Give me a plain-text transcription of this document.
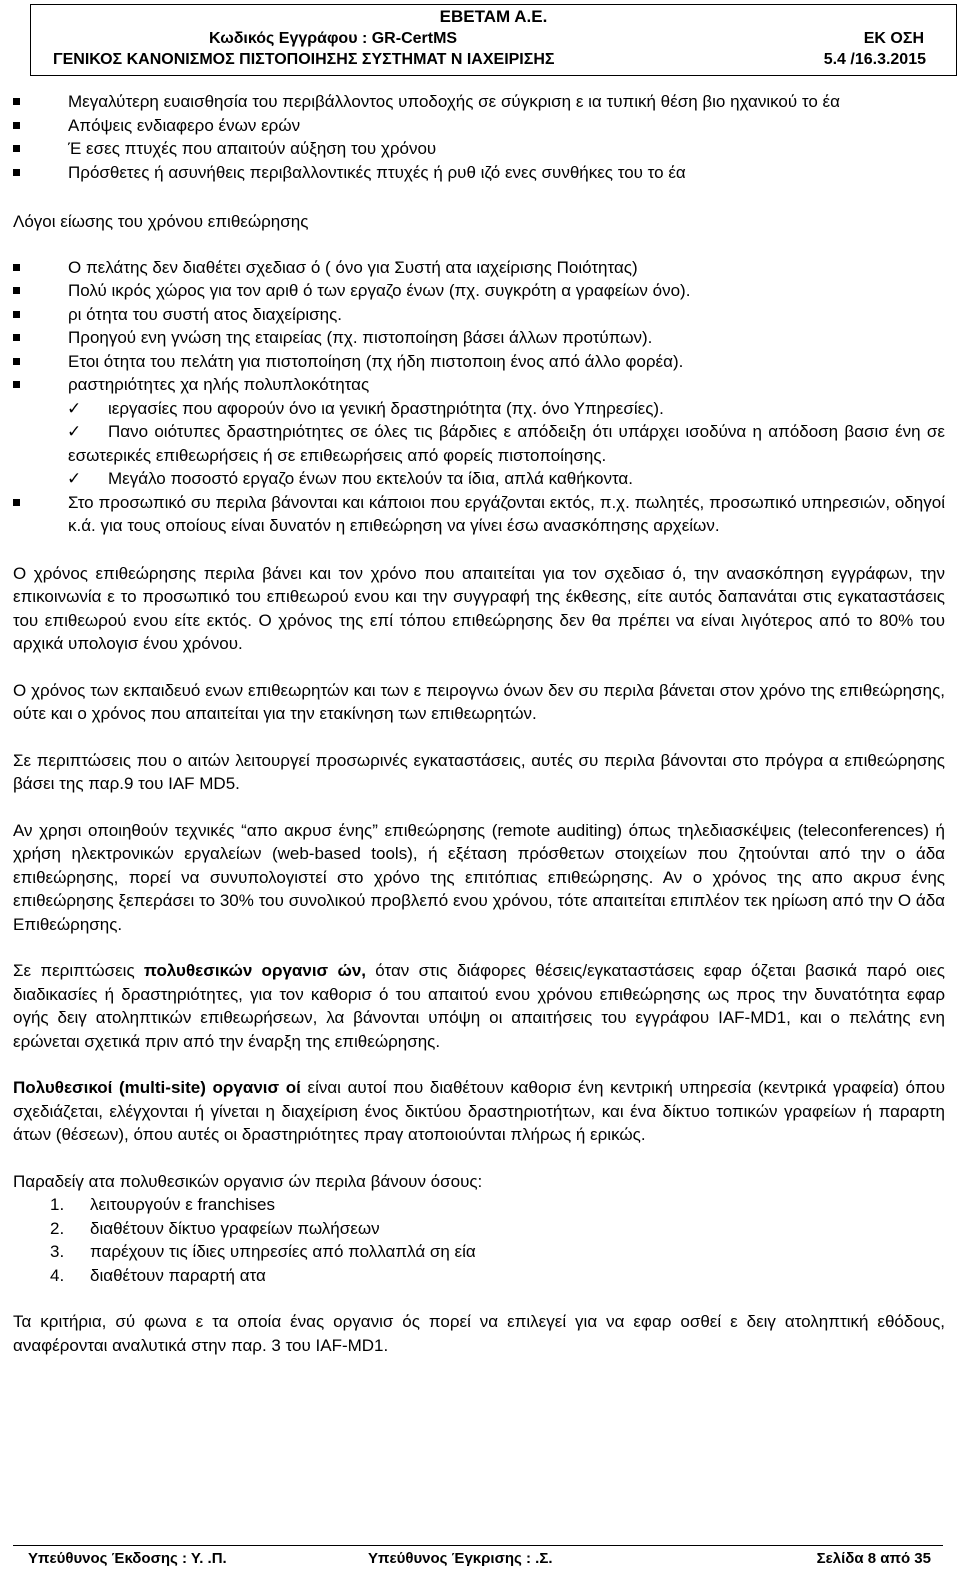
ΕΒΕΤΑΜ Α.Ε.
Κωδικός Εγγράφου : GR-CertMS	ΕΚ ΟΣΗ
ΓΕΝΙΚΟΣ ΚΑΝΟΝΙΣΜΟΣ ΠΙΣΤΟΠΟΙΗΣΗΣ ΣΥΣΤΗΜΑΤ Ν ΙΑΧΕΙΡΙΣΗΣ	5.4 /16.3.2015
Μεγαλύτερη ευαισθησία του περιβάλλοντος υποδοχής σε σύγκριση ε ια τυπική θέση βιο ηχανικού το έα
Απόψεις ενδιαφερο ένων ερών
Έ εσες πτυχές που απαιτούν αύξηση του χρόνου
Πρόσθετες ή ασυνήθεις περιβαλλοντικές πτυχές ή ρυθ ιζό ενες συνθήκες του το έα
Λόγοι είωσης του χρόνου επιθεώρησης
Ο πελάτης δεν διαθέτει σχεδιασ ό ( όνο για Συστή ατα ιαχείρισης Ποιότητας)
Πολύ ικρός χώρος για τον αριθ ό των εργαζο ένων (πχ. συγκρότη α γραφείων όνο).
ρι ότητα του συστή ατος διαχείρισης.
Προηγού ενη γνώση της εταιρείας (πχ. πιστοποίηση βάσει άλλων προτύπων).
Ετοι ότητα του πελάτη για πιστοποίηση (πχ ήδη πιστοποιη ένος από άλλο φορέα).
ραστηριότητες χα ηλής πολυπλοκότητας
✓ ιεργασίες που αφορούν όνο ια γενική δραστηριότητα (πχ. όνο Υπηρεσίες).
✓ Πανο οιότυπες δραστηριότητες σε όλες τις βάρδιες ε απόδειξη ότι υπάρχει ισοδύνα η απόδοση βασισ ένη σε εσωτερικές επιθεωρήσεις ή σε επιθεωρήσεις από φορείς πιστοποίησης.
✓ Μεγάλο ποσοστό εργαζο ένων που εκτελούν τα ίδια, απλά καθήκοντα.
Στο προσωπικό συ περιλα βάνονται και κάποιοι που εργάζονται εκτός, π.χ. πωλητές, προσωπικό υπηρεσιών, οδηγοί κ.ά. για τους οποίους είναι δυνατόν η επιθεώρηση να γίνει έσω ανασκόπησης αρχείων.
Ο χρόνος επιθεώρησης περιλα βάνει και τον χρόνο που απαιτείται για τον σχεδιασ ό, την ανασκόπηση εγγράφων, την επικοινωνία ε το προσωπικό του επιθεωρού ενου και την συγγραφή της έκθεσης, είτε αυτός δαπανάται στις εγκαταστάσεις του επιθεωρού ενου είτε εκτός. Ο χρόνος της επί τόπου επιθεώρησης δεν θα πρέπει να είναι λιγότερος από το 80% του αρχικά υπολογισ ένου χρόνου.
Ο χρόνος των εκπαιδευό ενων επιθεωρητών και των ε πειρογνω όνων δεν συ περιλα βάνεται στον χρόνο της επιθεώρησης, ούτε και ο χρόνος που απαιτείται για την ετακίνηση των επιθεωρητών.
Σε περιπτώσεις που ο αιτών λειτουργεί προσωρινές εγκαταστάσεις, αυτές συ περιλα βάνονται στο πρόγρα α επιθεώρησης βάσει της παρ.9 του IAF MD5.
Αν χρησι οποιηθούν τεχνικές “απο ακρυσ ένης” επιθεώρησης (remote auditing) όπως τηλεδιασκέψεις (teleconferences) ή χρήση ηλεκτρονικών εργαλείων (web-based tools), ή εξέταση πρόσθετων στοιχείων που ζητούνται από την ο άδα επιθεώρησης, πορεί να συνυπολογιστεί στο χρόνο της επιτόπιας επιθεώρησης. Αν ο χρόνος της απο ακρυσ ένης επιθεώρησης ξεπεράσει το 30% του συνολικού προβλεπό ενου χρόνου, τότε απαιτείται επιπλέον τεκ ηρίωση από την Ο άδα Επιθεώρησης.
Σε περιπτώσεις πολυθεσικών οργανισ ών, όταν στις διάφορες θέσεις/εγκαταστάσεις εφαρ όζεται βασικά παρό οιες διαδικασίες ή δραστηριότητες, για τον καθορισ ό του απαιτού ενου χρόνου επιθεώρησης ως προς την δυνατότητα εφαρ ογής δειγ ατοληπτικών επιθεωρήσεων, λα βάνονται υπόψη οι απαιτήσεις του εγγράφου IAF-MD1, και ο πελάτης ενη ερώνεται σχετικά πριν από την έναρξη της επιθεώρησης.
Πολυθεσικοί (multi-site) οργανισ οί είναι αυτοί που διαθέτουν καθορισ ένη κεντρική υπηρεσία (κεντρικά γραφεία) όπου σχεδιάζεται, ελέγχονται ή γίνεται η διαχείριση ένος δικτύου δραστηριοτήτων, και ένα δίκτυο τοπικών γραφείων ή παραρτη άτων (θέσεων), όπου αυτές οι δραστηριότητες πραγ ατοποιούνται πλήρως ή ερικώς.
Παραδείγ ατα πολυθεσικών οργανισ ών περιλα βάνουν όσους:
1. λειτουργούν ε franchises
2. διαθέτουν δίκτυο γραφείων πωλήσεων
3. παρέχουν τις ίδιες υπηρεσίες από πολλαπλά ση εία
4. διαθέτουν παραρτή ατα
Τα κριτήρια, σύ φωνα ε τα οποία ένας οργανισ ός πορεί να επιλεγεί για να εφαρ οσθεί ε δειγ ατοληπτική εθόδους, αναφέρονται αναλυτικά στην παρ. 3 του IAF-MD1.
Υπεύθυνος Έκδοσης : Υ. .Π.	Υπεύθυνος Έγκρισης : .Σ.	Σελίδα 8 από 35
